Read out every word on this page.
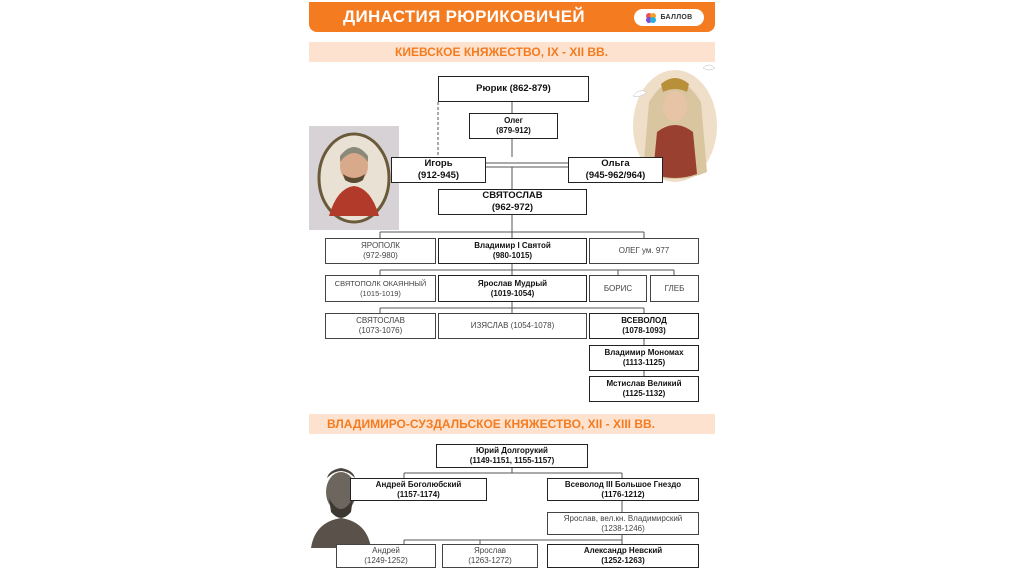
ДИНАСТИЯ РЮРИКОВИЧЕЙ	БАЛЛОВ
КИЕВСКОЕ КНЯЖЕСТВО, IX - XII ВВ.
ВЛАДИМИРО-СУЗДАЛЬСКОЕ КНЯЖЕСТВО, XII - XIII ВВ.
Рюрик (862-879)
Олег
(879-912)
Игорь
(912-945)
Ольга
(945-962/964)
СВЯТОСЛАВ
(962-972)
ЯРОПОЛК
(972-980)
Владимир I Святой
(980-1015)
ОЛЕГ ум. 977
СВЯТОПОЛК ОКАЯННЫЙ
(1015-1019)
Ярослав Мудрый
(1019-1054)
БОРИС	ГЛЕБ
СВЯТОСЛАВ
(1073-1076)
ИЗЯСЛАВ (1054-1078)
ВСЕВОЛОД
(1078-1093)
Владимир Мономах
(1113-1125)
Мстислав Великий
(1125-1132)
Юрий Долгорукий
(1149-1151, 1155-1157)
Андрей Боголюбский
(1157-1174)
Всеволод III Большое Гнездо
(1176-1212)
Ярослав, вел.кн. Владимирский
(1238-1246)
Андрей
(1249-1252)
Ярослав
(1263-1272)
Александр Невский
(1252-1263)
